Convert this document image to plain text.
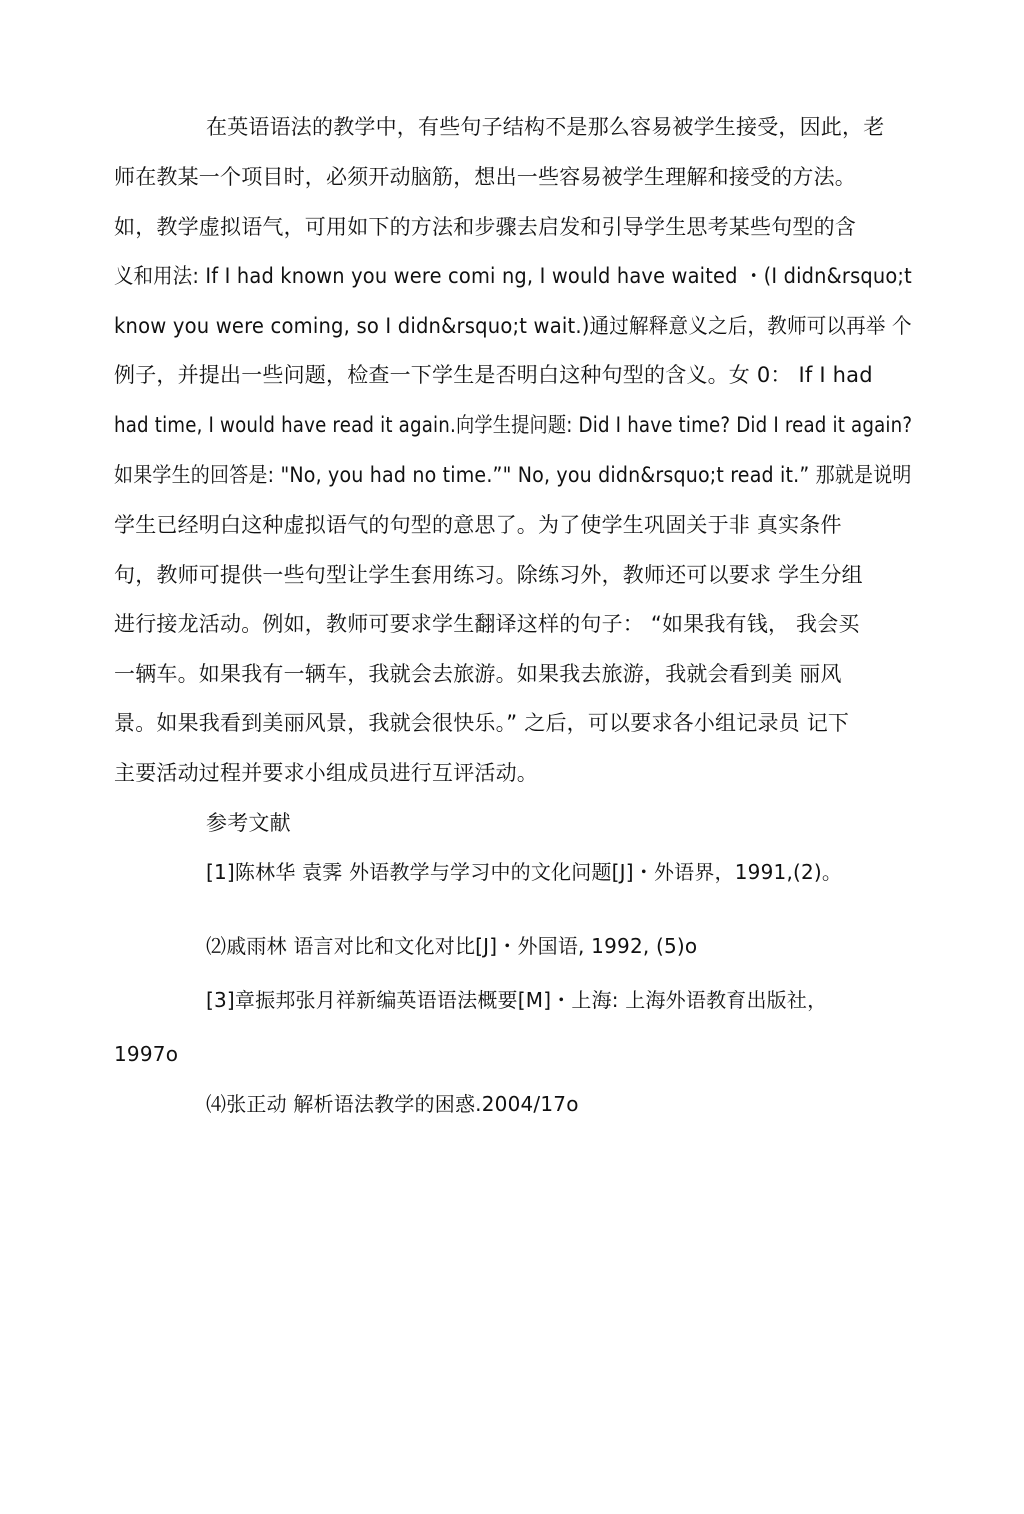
在英语语法的教学中，有些句子结构不是那么容易被学生接受，因此，老
师在教某一个项目时，必须开动脑筋，想出一些容易被学生理解和接受的方法。
如，教学虚拟语气，可用如下的方法和步骤去启发和引导学生思考某些句型的含
义和用法: If I had known you were comi ng, I would have waited ・(I didn&rsquo;t
know you were coming, so I didn&rsquo;t wait.)通过解释意义之后，教师可以再举 个
例子，并提出一些问题，检查一下学生是否明白这种句型的含义。女 0： If I had
had time, I would have read it again.向学生提问题: Did I have time? Did I read it again?
如果学生的回答是: "No, you had no time.”" No, you didn&rsquo;t read it.” 那就是说明
学生已经明白这种虚拟语气的句型的意思了。为了使学生巩固关于非 真实条件
句，教师可提供一些句型让学生套用练习。除练习外，教师还可以要求 学生分组
进行接龙活动。例如，教师可要求学生翻译这样的句子： “如果我有钱， 我会买
一辆车。如果我有一辆车，我就会去旅游。如果我去旅游，我就会看到美 丽风
景。如果我看到美丽风景，我就会很快乐。” 之后，可以要求各小组记录员 记下
主要活动过程并要求小组成员进行互评活动。
参考文献
[1]陈林华 袁霁 外语教学与学习中的文化问题[J]・外语界，1991,(2)。
⑵戚雨林 语言对比和文化对比[J]・外国语, 1992, (5)o
[3]章振邦张月祥新编英语语法概要[M]・上海: 上海外语教育出版社，
1997o
⑷张正动 解析语法教学的困惑.2004/17o
